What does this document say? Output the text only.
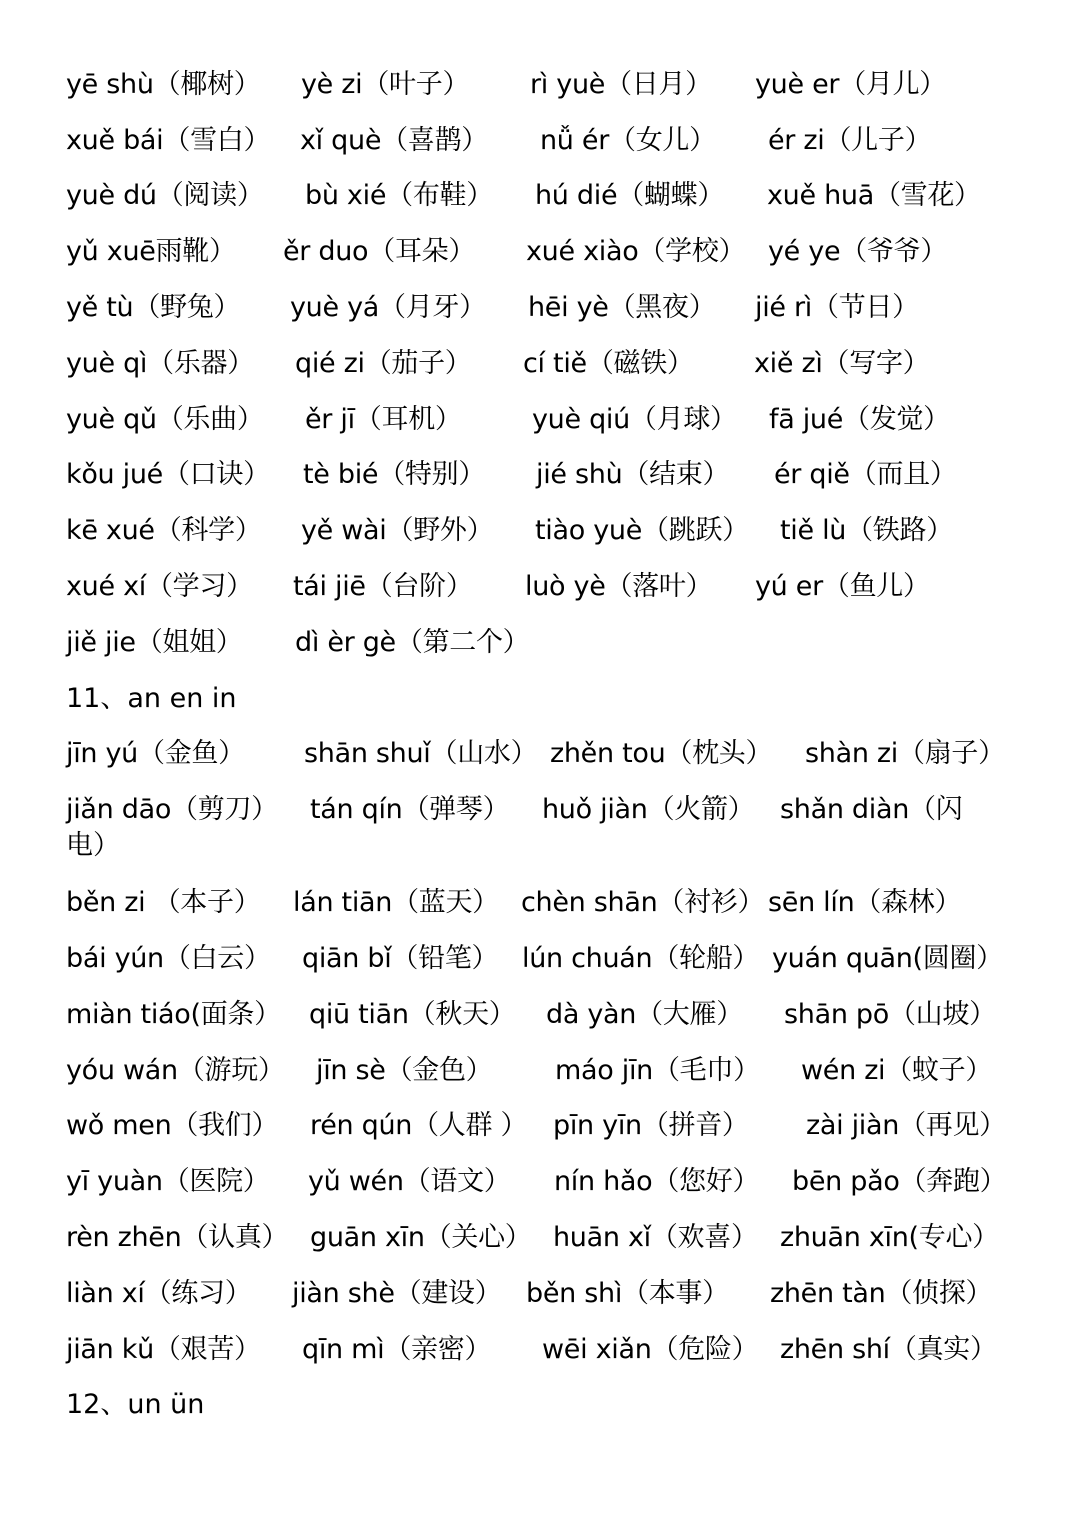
yē shù（椰树） yè zi（叶子） rì yuè（日月） yuè er（月儿）
xuě bái（雪白） xǐ què（喜鹊） nǚ ér（女儿） ér zi（儿子）
yuè dú（阅读） bù xié（布鞋） hú dié（蝴蝶） xuě huā（雪花）
yǔ xuē雨靴） ěr duo（耳朵） xué xiào（学校） yé ye（爷爷）
yě tù（野兔） yuè yá（月牙） hēi yè（黑夜） jié rì（节日）
yuè qì（乐器） qié zi（茄子） cí tiě（磁铁） xiě zì（写字）
yuè qǔ（乐曲） ěr jī（耳机）	yuè qiú（月球） fā jué（发觉）
kǒu jué（口诀） tè bié（特别） jié shù（结束） ér qiě（而且）
kē xué（科学） yě wài（野外） tiào yuè（跳跃） tiě lù（铁路）
xué xí（学习） tái jiē（台阶） luò yè（落叶） yú er（鱼儿）
jiě jie（姐姐） dì èr gè（第二个）
11、an en in
jīn yú（金鱼） shān shuǐ（山水） zhěn tou（枕头） shàn zi（扇子）
jiǎn dāo（剪刀） tán qín（弹琴） huǒ jiàn（火箭） shǎn diàn（闪
电）
běn zi （本子） lán tiān（蓝天） chèn shān（衬衫） sēn lín（森林）
bái yún（白云） qiān bǐ（铅笔） lún chuán（轮船） yuán quān(圆圈）
miàn tiáo(面条） qiū tiān（秋天） dà yàn（大雁） shān pō（山坡）
yóu wán（游玩） jīn sè（金色） máo jīn（毛巾） wén zi（蚊子）
wǒ men（我们） rén qún（人群 ） pīn yīn（拼音） zài jiàn（再见）
yī yuàn（医院） yǔ wén（语文） nín hǎo（您好） bēn pǎo（奔跑）
rèn zhēn（认真） guān xīn（关心） huān xǐ（欢喜） zhuān xīn(专心）
liàn xí（练习） jiàn shè（建设） běn shì（本事） zhēn tàn（侦探）
jiān kǔ（艰苦） qīn mì（亲密） wēi xiǎn（危险） zhēn shí（真实）
12、un ün
